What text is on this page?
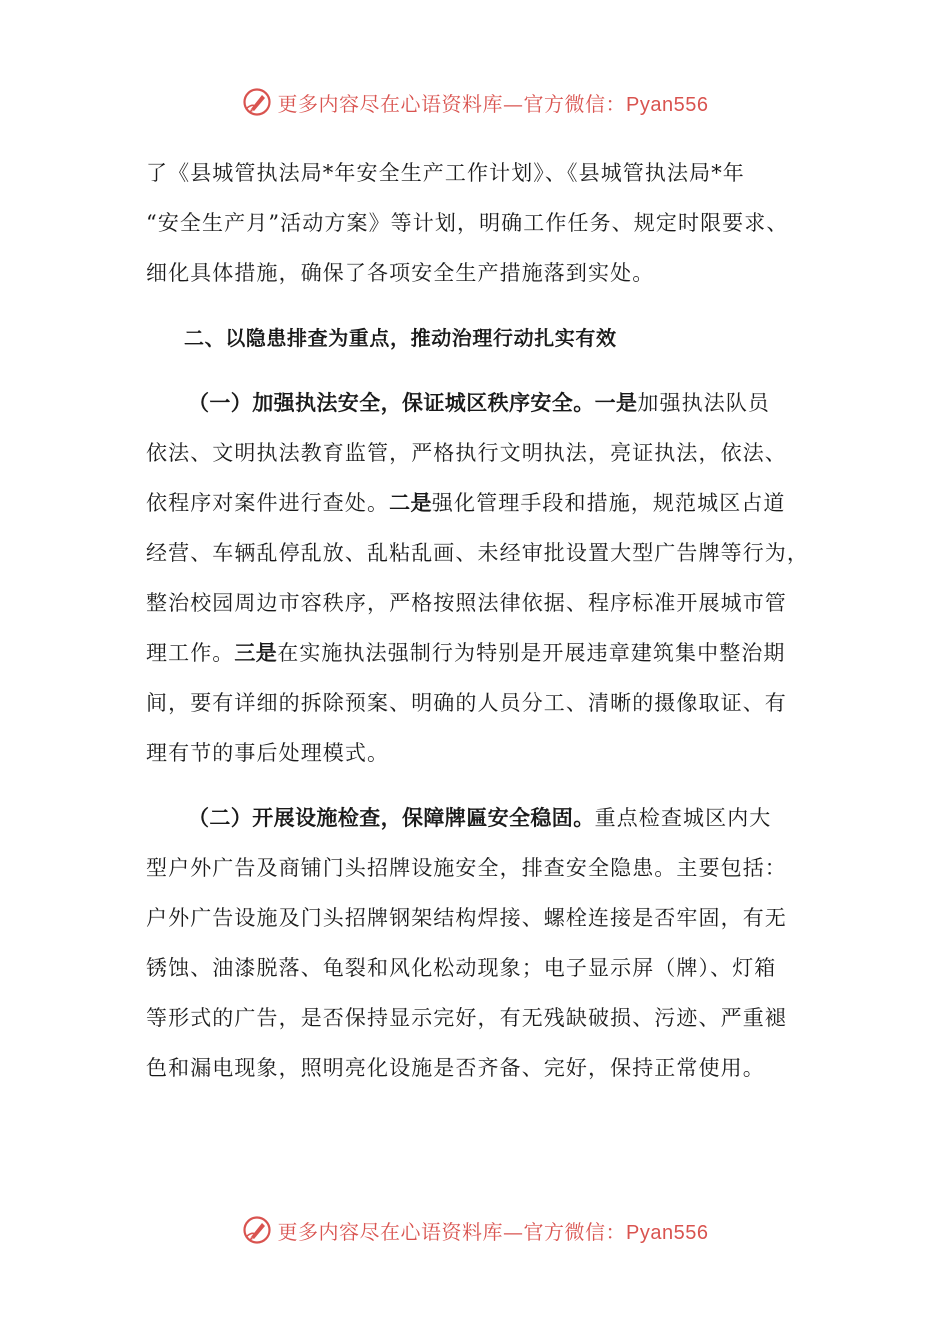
更多内容尽在心语资料库—官方微信：Pyan556
了《县城管执法局*年安全生产工作计划》、《县城管执法局*年
“安全生产月”活动方案》等计划，明确工作任务、规定时限要求、
细化具体措施，确保了各项安全生产措施落到实处。
二、以隐患排查为重点，推动治理行动扎实有效
（一）加强执法安全，保证城区秩序安全。一是加强执法队员
依法、文明执法教育监管，严格执行文明执法，亮证执法，依法、
依程序对案件进行查处。二是强化管理手段和措施，规范城区占道
经营、车辆乱停乱放、乱粘乱画、未经审批设置大型广告牌等行为，
整治校园周边市容秩序，严格按照法律依据、程序标准开展城市管
理工作。三是在实施执法强制行为特别是开展违章建筑集中整治期
间，要有详细的拆除预案、明确的人员分工、清晰的摄像取证、有
理有节的事后处理模式。
（二）开展设施检查，保障牌匾安全稳固。重点检查城区内大
型户外广告及商铺门头招牌设施安全，排查安全隐患。主要包括：
户外广告设施及门头招牌钢架结构焊接、螺栓连接是否牢固，有无
锈蚀、油漆脱落、龟裂和风化松动现象；电子显示屏（牌）、灯箱
等形式的广告，是否保持显示完好，有无残缺破损、污迹、严重褪
色和漏电现象，照明亮化设施是否齐备、完好，保持正常使用。
更多内容尽在心语资料库—官方微信：Pyan556
